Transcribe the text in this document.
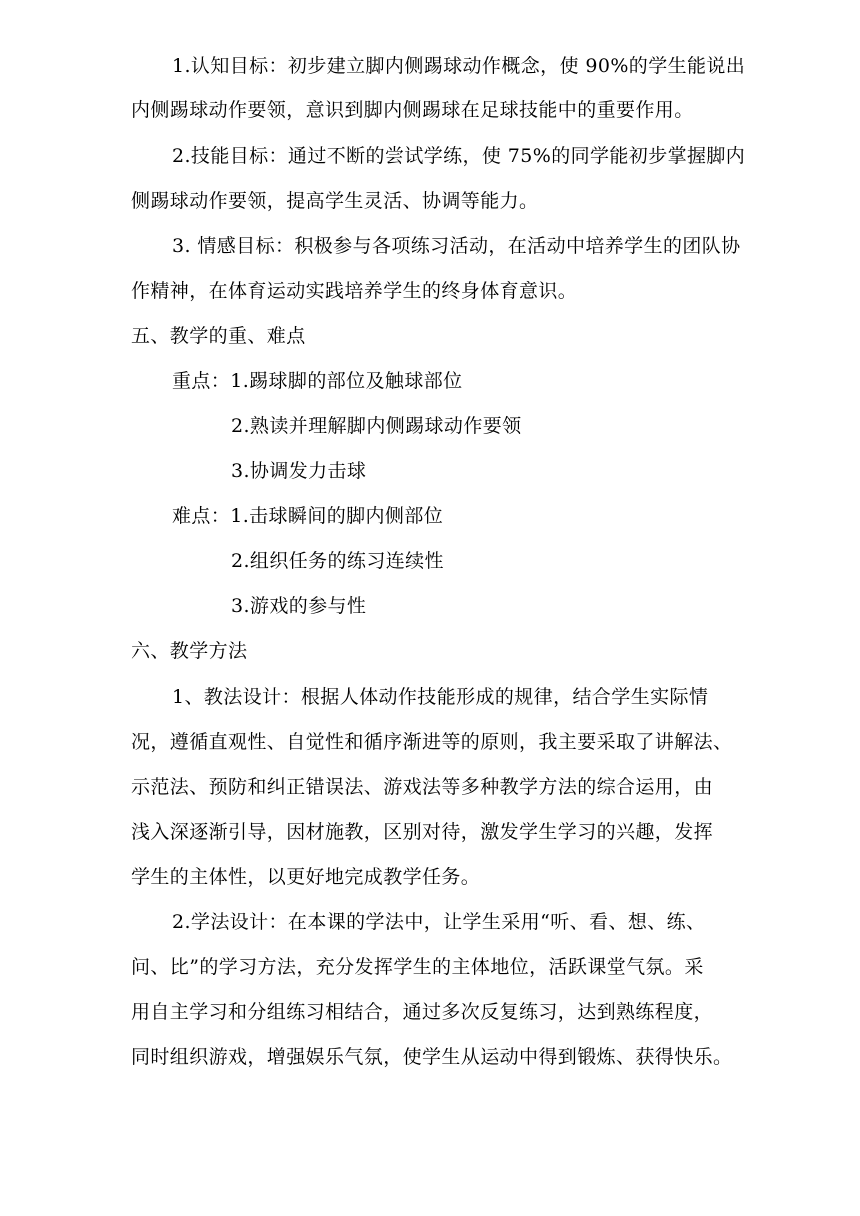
1.认知目标：初步建立脚内侧踢球动作概念，使 90%的学生能说出
内侧踢球动作要领，意识到脚内侧踢球在足球技能中的重要作用。
2.技能目标：通过不断的尝试学练，使 75%的同学能初步掌握脚内
侧踢球动作要领，提高学生灵活、协调等能力。
3. 情感目标：积极参与各项练习活动，在活动中培养学生的团队协
作精神，在体育运动实践培养学生的终身体育意识。
五、教学的重、难点
重点：1.踢球脚的部位及触球部位
2.熟读并理解脚内侧踢球动作要领
3.协调发力击球
难点：1.击球瞬间的脚内侧部位
2.组织任务的练习连续性
3.游戏的参与性
六、教学方法
1、教法设计：根据人体动作技能形成的规律，结合学生实际情
况，遵循直观性、自觉性和循序渐进等的原则，我主要采取了讲解法、
示范法、预防和纠正错误法、游戏法等多种教学方法的综合运用，由
浅入深逐渐引导，因材施教，区别对待，激发学生学习的兴趣，发挥
学生的主体性，以更好地完成教学任务。
2.学法设计：在本课的学法中，让学生采用“听、看、想、练、
问、比”的学习方法，充分发挥学生的主体地位，活跃课堂气氛。采
用自主学习和分组练习相结合，通过多次反复练习，达到熟练程度，
同时组织游戏，增强娱乐气氛，使学生从运动中得到锻炼、获得快乐。
